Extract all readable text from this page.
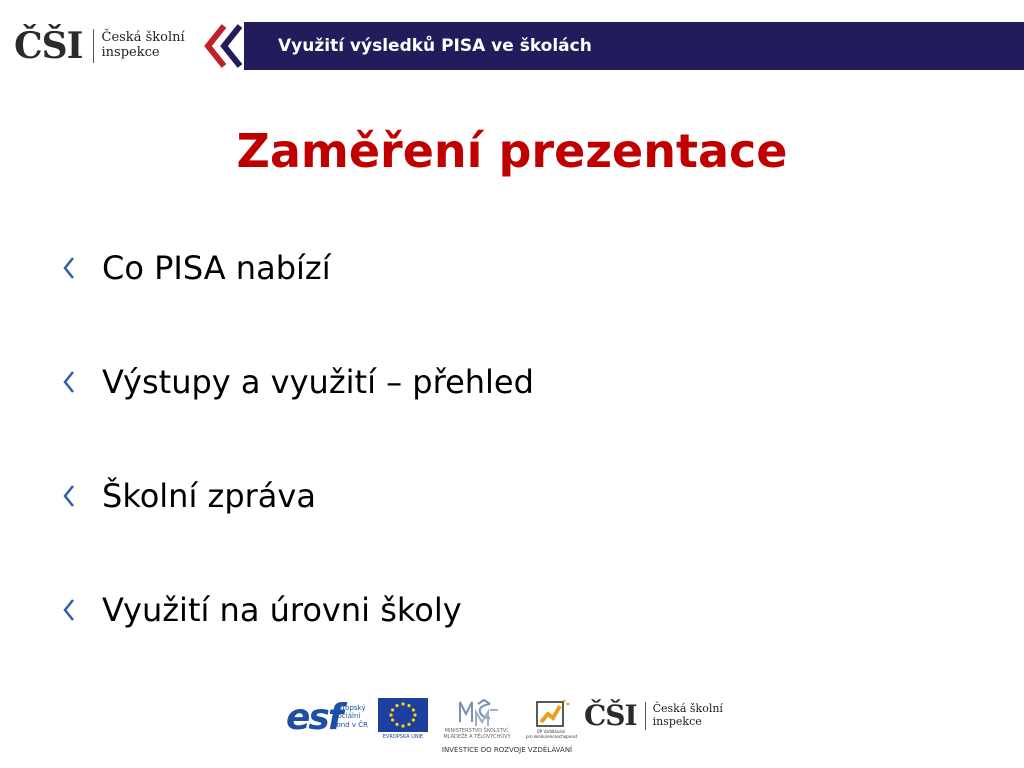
ČŠI Česká školní
inspekce	Využití výsledků PISA ve školách
Zaměření prezentace
Co PISA nabízí
Výstupy a využití – přehled
Školní zpráva
Využití na úrovni školy
esf
evropský
sociální
fond v ČR
EVROPSKÁ UNIE
MINISTERSTVO ŠKOLSTVÍ,
MLÁDEŽE A TĚLOVÝCHOVY
OP Vzdělávání
pro konkurenceschopnost
ČŠI Česká školní
inspekce
INVESTICE DO ROZVOJE VZDĚLÁVÁNÍ
